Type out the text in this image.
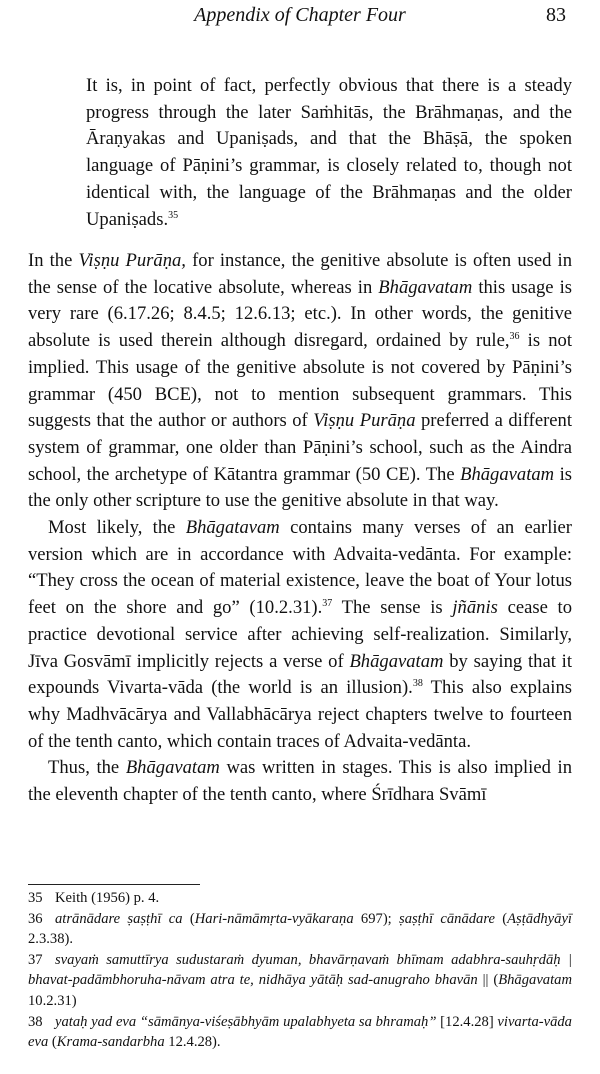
Appendix of Chapter Four	83
It is, in point of fact, perfectly obvious that there is a steady progress through the later Saṁhitās, the Brāhmaṇas, and the Āraṇyakas and Upaniṣads, and that the Bhāṣā, the spoken language of Pāṇini’s grammar, is closely related to, though not identical with, the language of the Brāhmaṇas and the older Upaniṣads.$^{35}$

In the Viṣṇu Purāṇa, for instance, the genitive absolute is often used in the sense of the locative absolute, whereas in Bhāgavatam this usage is very rare (6.17.26; 8.4.5; 12.6.13; etc.). In other words, the genitive absolute is used therein although disregard, ordained by rule,$^{36}$ is not implied. This usage of the genitive absolute is not covered by Pāṇini’s grammar (450 BCE), not to mention subsequent grammars. This suggests that the author or authors of Viṣṇu Purāṇa preferred a different system of grammar, one older than Pāṇini’s school, such as the Aindra school, the archetype of Kātantra grammar (50 CE). The Bhāgavatam is the only other scripture to use the genitive absolute in that way.

Most likely, the Bhāgatavam contains many verses of an earlier version which are in accordance with Advaita-vedānta. For example: “They cross the ocean of material existence, leave the boat of Your lotus feet on the shore and go” (10.2.31).$^{37}$ The sense is jñānis cease to practice devotional service after achieving self-realization. Similarly, Jīva Gosvāmī implicitly rejects a verse of Bhāgavatam by saying that it expounds Vivarta-vāda (the world is an illusion).$^{38}$ This also explains why Madhvācārya and Vallabhācārya reject chapters twelve to fourteen of the tenth canto, which contain traces of Advaita-vedānta.

Thus, the Bhāgavatam was written in stages. This is also implied in the eleventh chapter of the tenth canto, where Śrīdhara Svāmī

35 Keith (1956) p. 4.

36 atrānādare ṣaṣṭhī ca (Hari-nāmāmṛta-vyākaraṇa 697); ṣaṣṭhī cānādare (Aṣṭādhyāyī 2.3.38).

37 svayaṁ samuttīrya sudustaraṁ dyuman, bhavārṇavaṁ bhīmam adabhra-sauhṛdāḥ | bhavat-padāmbhoruha-nāvam atra te, nidhāya yātāḥ sad-anugraho bhavān || (Bhāgavatam 10.2.31)

38 yataḥ yad eva “sāmānya-viśeṣābhyām upalabhyeta sa bhramaḥ” [12.4.28] vivarta-vāda eva (Krama-sandarbha 12.4.28).
